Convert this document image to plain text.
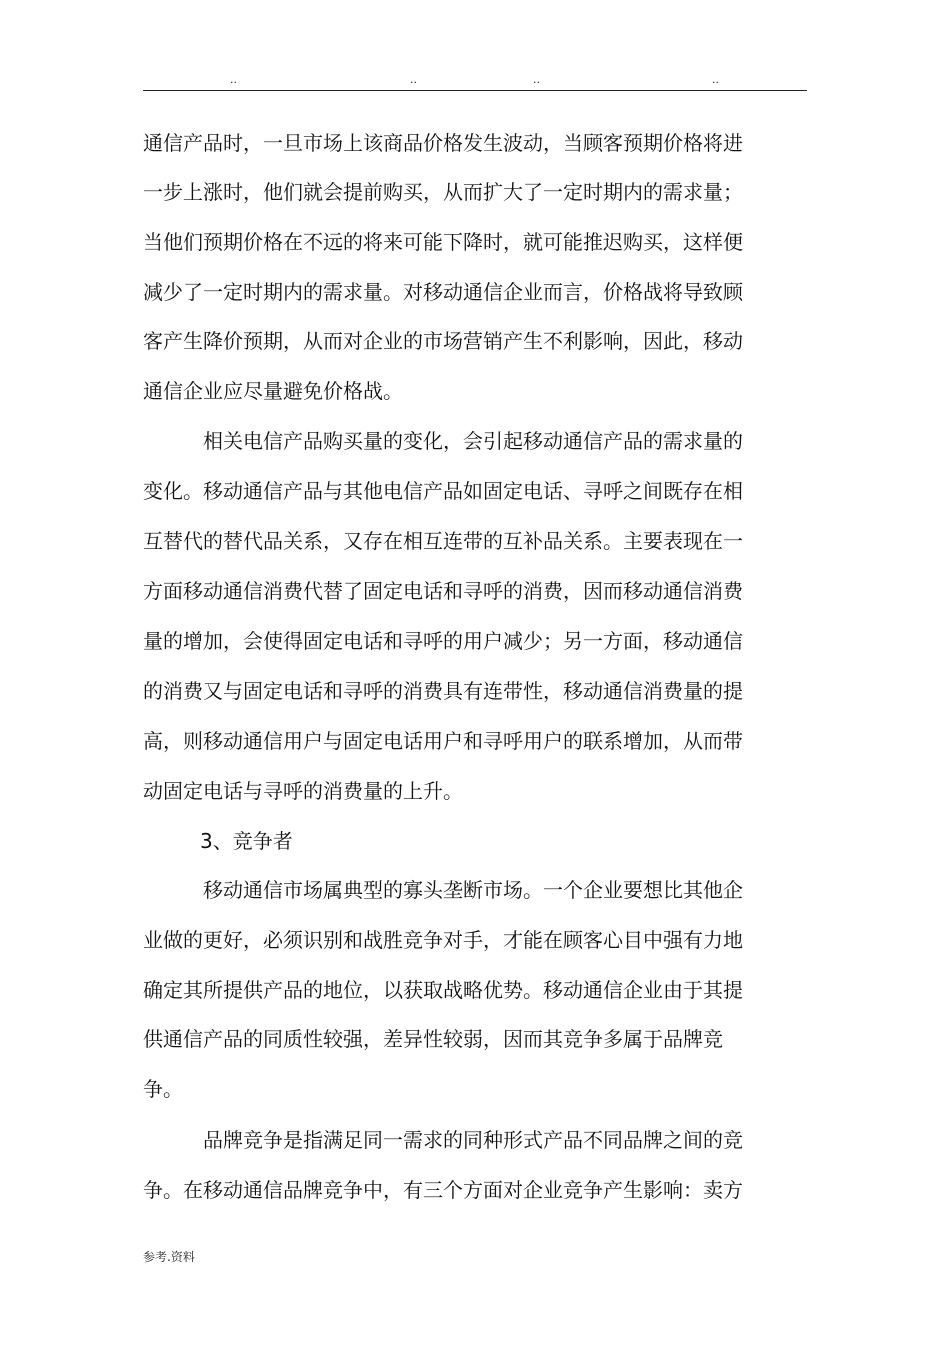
..	..	..	..
通信产品时，一旦市场上该商品价格发生波动，当顾客预期价格将进
一步上涨时，他们就会提前购买，从而扩大了一定时期内的需求量；
当他们预期价格在不远的将来可能下降时，就可能推迟购买，这样便
减少了一定时期内的需求量。对移动通信企业而言，价格战将导致顾
客产生降价预期，从而对企业的市场营销产生不利影响，因此，移动
通信企业应尽量避免价格战。
相关电信产品购买量的变化，会引起移动通信产品的需求量的
变化。移动通信产品与其他电信产品如固定电话、寻呼之间既存在相
互替代的替代品关系，又存在相互连带的互补品关系。主要表现在一
方面移动通信消费代替了固定电话和寻呼的消费，因而移动通信消费
量的增加，会使得固定电话和寻呼的用户减少；另一方面，移动通信
的消费又与固定电话和寻呼的消费具有连带性，移动通信消费量的提
高，则移动通信用户与固定电话用户和寻呼用户的联系增加，从而带
动固定电话与寻呼的消费量的上升。
3、竞争者
移动通信市场属典型的寡头垄断市场。一个企业要想比其他企
业做的更好，必须识别和战胜竞争对手，才能在顾客心目中强有力地
确定其所提供产品的地位，以获取战略优势。移动通信企业由于其提
供通信产品的同质性较强，差异性较弱，因而其竞争多属于品牌竞
争。
品牌竞争是指满足同一需求的同种形式产品不同品牌之间的竞
争。在移动通信品牌竞争中，有三个方面对企业竞争产生影响：卖方
参考.资料
